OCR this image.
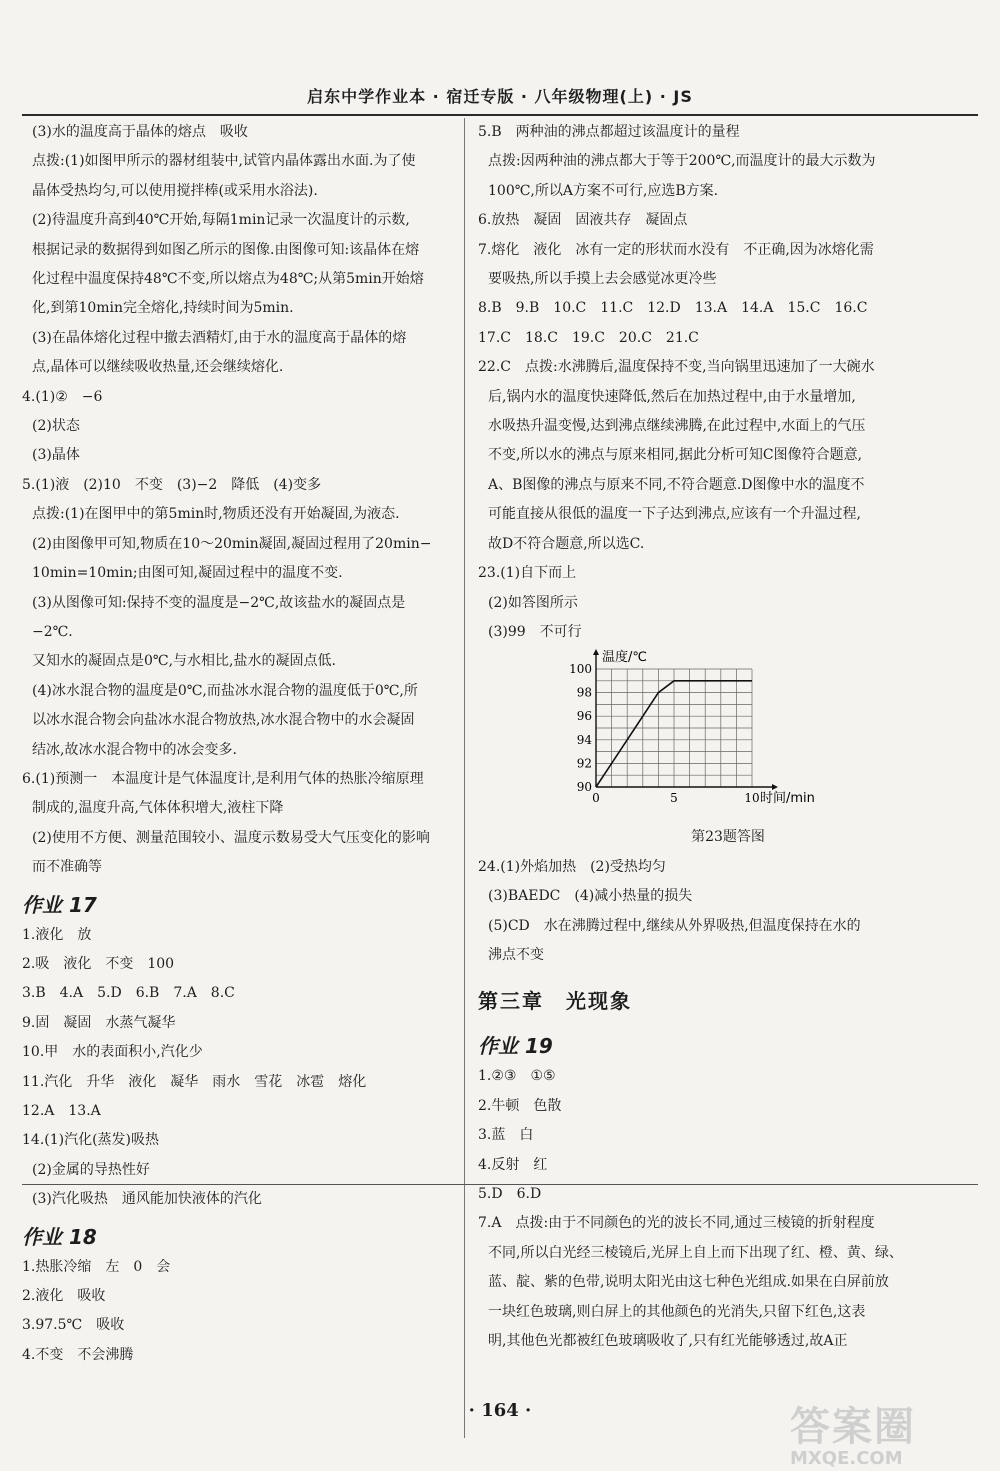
启东中学作业本 · 宿迁专版 · 八年级物理(上) · JS
(3)水的温度高于晶体的熔点　吸收
点拨:(1)如图甲所示的器材组装中,试管内晶体露出水面.为了使
晶体受热均匀,可以使用搅拌棒(或采用水浴法).
(2)待温度升高到40℃开始,每隔1min记录一次温度计的示数,
根据记录的数据得到如图乙所示的图像.由图像可知:该晶体在熔
化过程中温度保持48℃不变,所以熔点为48℃;从第5min开始熔
化,到第10min完全熔化,持续时间为5min.
(3)在晶体熔化过程中撤去酒精灯,由于水的温度高于晶体的熔
点,晶体可以继续吸收热量,还会继续熔化.
4.(1)②　−6
(2)状态
(3)晶体
5.(1)液　(2)10　不变　(3)−2　降低　(4)变多
点拨:(1)在图甲中的第5min时,物质还没有开始凝固,为液态.
(2)由图像甲可知,物质在10～20min凝固,凝固过程用了20min−
10min=10min;由图可知,凝固过程中的温度不变.
(3)从图像可知:保持不变的温度是−2℃,故该盐水的凝固点是
−2℃.
又知水的凝固点是0℃,与水相比,盐水的凝固点低.
(4)冰水混合物的温度是0℃,而盐冰水混合物的温度低于0℃,所
以冰水混合物会向盐冰水混合物放热,冰水混合物中的水会凝固
结冰,故冰水混合物中的冰会变多.
6.(1)预测一　本温度计是气体温度计,是利用气体的热胀冷缩原理
制成的,温度升高,气体体积增大,液柱下降
(2)使用不方便、测量范围较小、温度示数易受大气压变化的影响
而不准确等
作业 17
1.液化　放
2.吸　液化　不变　100
3.B　4.A　5.D　6.B　7.A　8.C
9.固　凝固　水蒸气凝华
10.甲　水的表面积小,汽化少
11.汽化　升华　液化　凝华　雨水　雪花　冰雹　熔化
12.A　13.A
14.(1)汽化(蒸发)吸热
(2)金属的导热性好
(3)汽化吸热　通风能加快液体的汽化
作业 18
1.热胀冷缩　左　0　会
2.液化　吸收
3.97.5℃　吸收
4.不变　不会沸腾
5.B　两种油的沸点都超过该温度计的量程
点拨:因两种油的沸点都大于等于200℃,而温度计的最大示数为
100℃,所以A方案不可行,应选B方案.
6.放热　凝固　固液共存　凝固点
7.熔化　液化　冰有一定的形状而水没有　不正确,因为冰熔化需
要吸热,所以手摸上去会感觉冰更冷些
8.B　9.B　10.C　11.C　12.D　13.A　14.A　15.C　16.C
17.C　18.C　19.C　20.C　21.C
22.C　点拨:水沸腾后,温度保持不变,当向锅里迅速加了一大碗水
后,锅内水的温度快速降低,然后在加热过程中,由于水量增加,
水吸热升温变慢,达到沸点继续沸腾,在此过程中,水面上的气压
不变,所以水的沸点与原来相同,据此分析可知C图像符合题意,
A、B图像的沸点与原来不同,不符合题意.D图像中水的温度不
可能直接从很低的温度一下子达到沸点,应该有一个升温过程,
故D不符合题意,所以选C.
23.(1)自下而上
(2)如答图所示
(3)99　不可行
90
92
94
96
98
100
0	5	10
温度/℃
时间/min
第23题答图
24.(1)外焰加热　(2)受热均匀
(3)BAEDC　(4)减小热量的损失
(5)CD　水在沸腾过程中,继续从外界吸热,但温度保持在水的
沸点不变
第三章　光现象
作业 19
1.②③　①⑤
2.牛顿　色散
3.蓝　白
4.反射　红
5.D　6.D
7.A　点拨:由于不同颜色的光的波长不同,通过三棱镜的折射程度
不同,所以白光经三棱镜后,光屏上自上而下出现了红、橙、黄、绿、
蓝、靛、紫的色带,说明太阳光由这七种色光组成.如果在白屏前放
一块红色玻璃,则白屏上的其他颜色的光消失,只留下红色,这表
明,其他色光都被红色玻璃吸收了,只有红光能够透过,故A正
· 164 ·	答案圈
MXQE.COM
